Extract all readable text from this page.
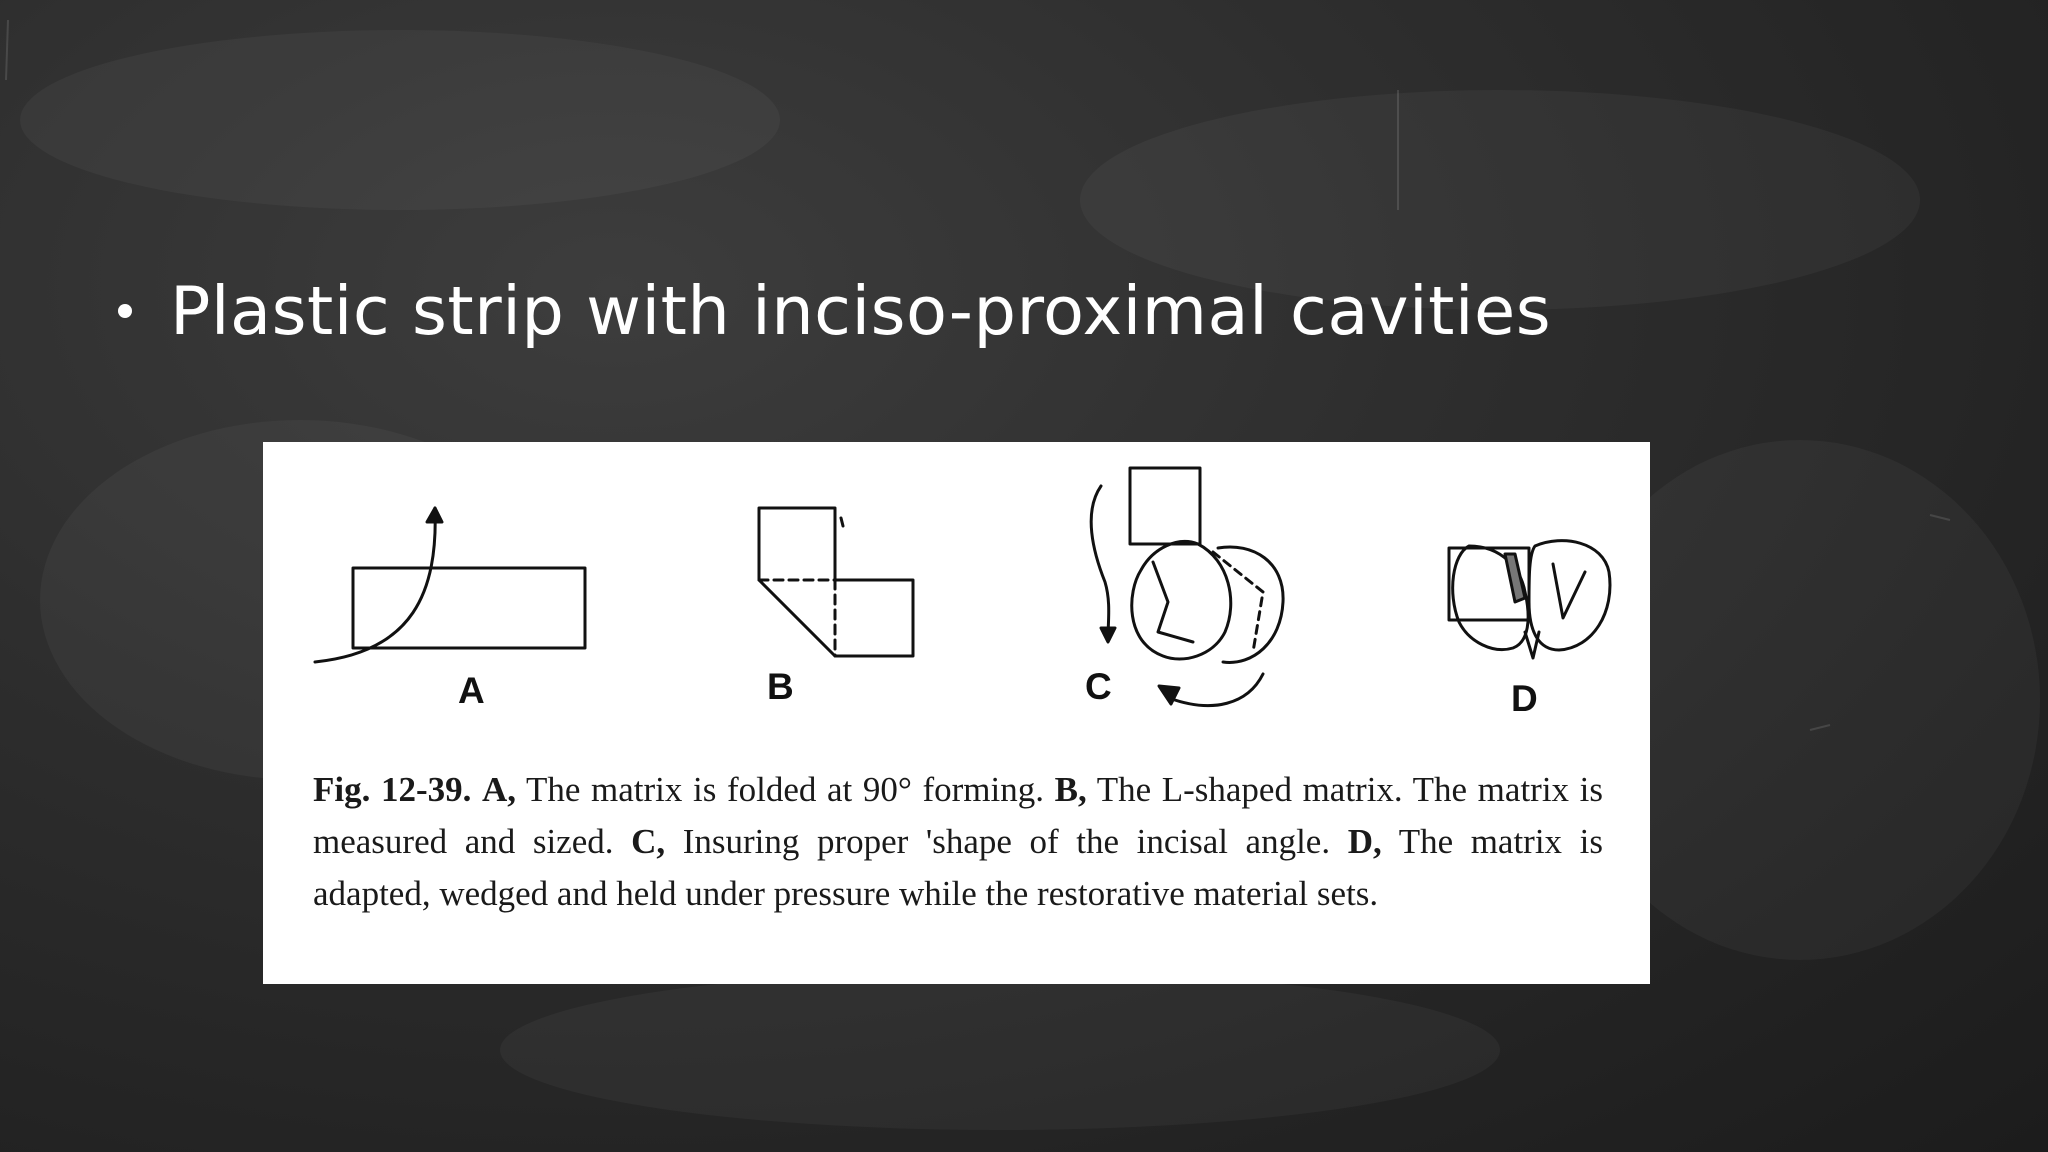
Plastic strip with inciso-proximal cavities
A	B	C	D
Fig. 12-39. A, The matrix is folded at 90° forming. B, The L-shaped matrix. The matrix is measured and sized. C, Insuring proper 'shape of the incisal angle. D, The matrix is adapted, wedged and held under pressure while the restorative material sets.
